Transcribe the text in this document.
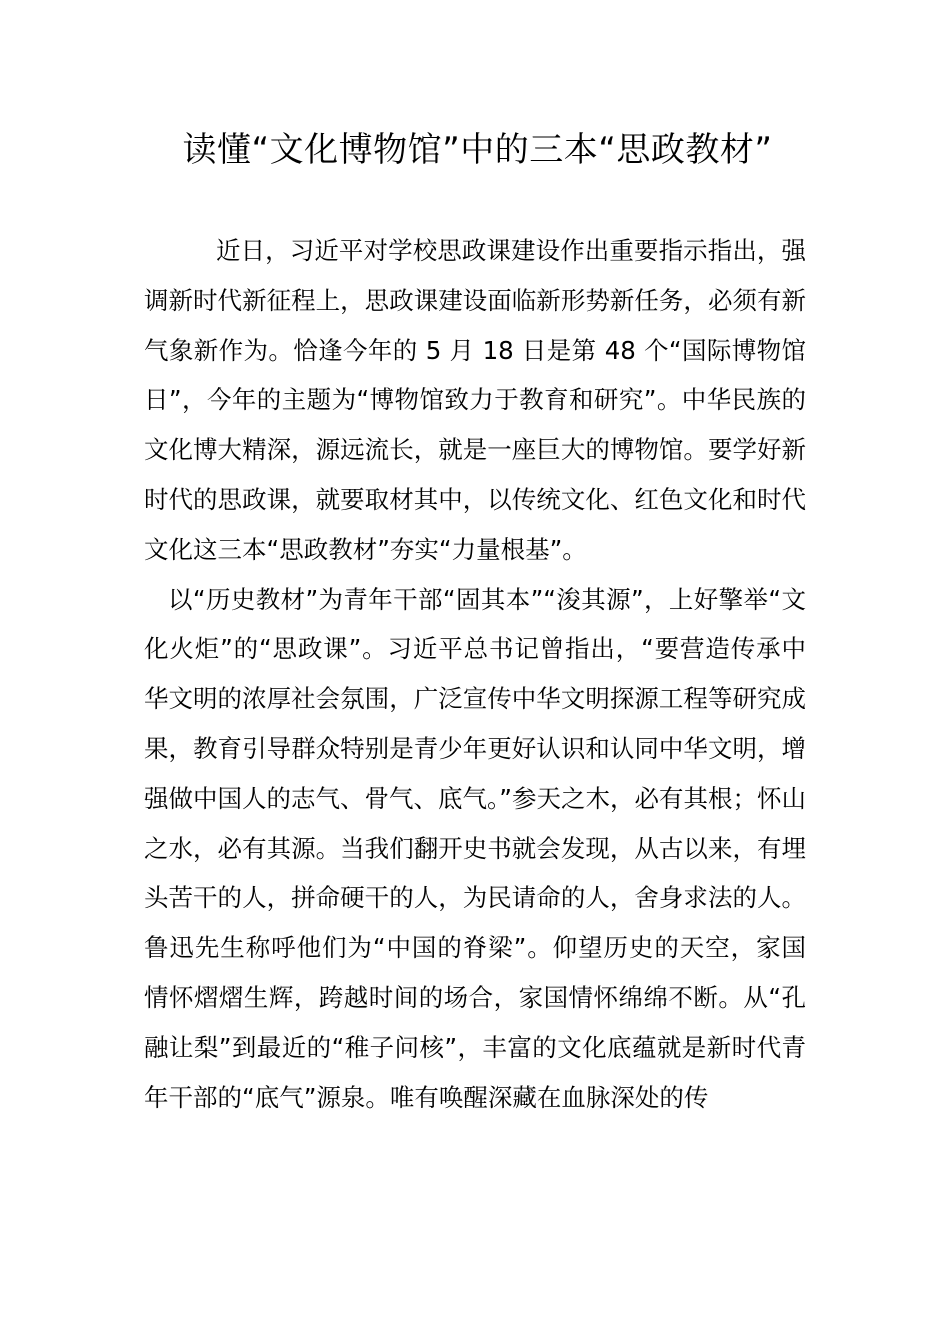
读懂“文化博物馆”中的三本“思政教材”

近日，习近平对学校思政课建设作出重要指示指出，强调新时代新征程上，思政课建设面临新形势新任务，必须有新气象新作为。恰逢今年的 5 月 18 日是第 48 个“国际博物馆日”，今年的主题为“博物馆致力于教育和研究”。中华民族的文化博大精深，源远流长，就是一座巨大的博物馆。要学好新时代的思政课，就要取材其中，以传统文化、红色文化和时代文化这三本“思政教材”夯实“力量根基”。

以“历史教材”为青年干部“固其本”“浚其源”，上好擎举“文化火炬”的“思政课”。习近平总书记曾指出，“要营造传承中华文明的浓厚社会氛围，广泛宣传中华文明探源工程等研究成果，教育引导群众特别是青少年更好认识和认同中华文明，增强做中国人的志气、骨气、底气。”参天之木，必有其根；怀山之水，必有其源。当我们翻开史书就会发现，从古以来，有埋头苦干的人，拼命硬干的人，为民请命的人，舍身求法的人。鲁迅先生称呼他们为“中国的脊梁”。仰望历史的天空，家国情怀熠熠生辉，跨越时间的场合，家国情怀绵绵不断。从“孔融让梨”到最近的“稚子问核”，丰富的文化底蕴就是新时代青年干部的“底气”源泉。唯有唤醒深藏在血脉深处的传
